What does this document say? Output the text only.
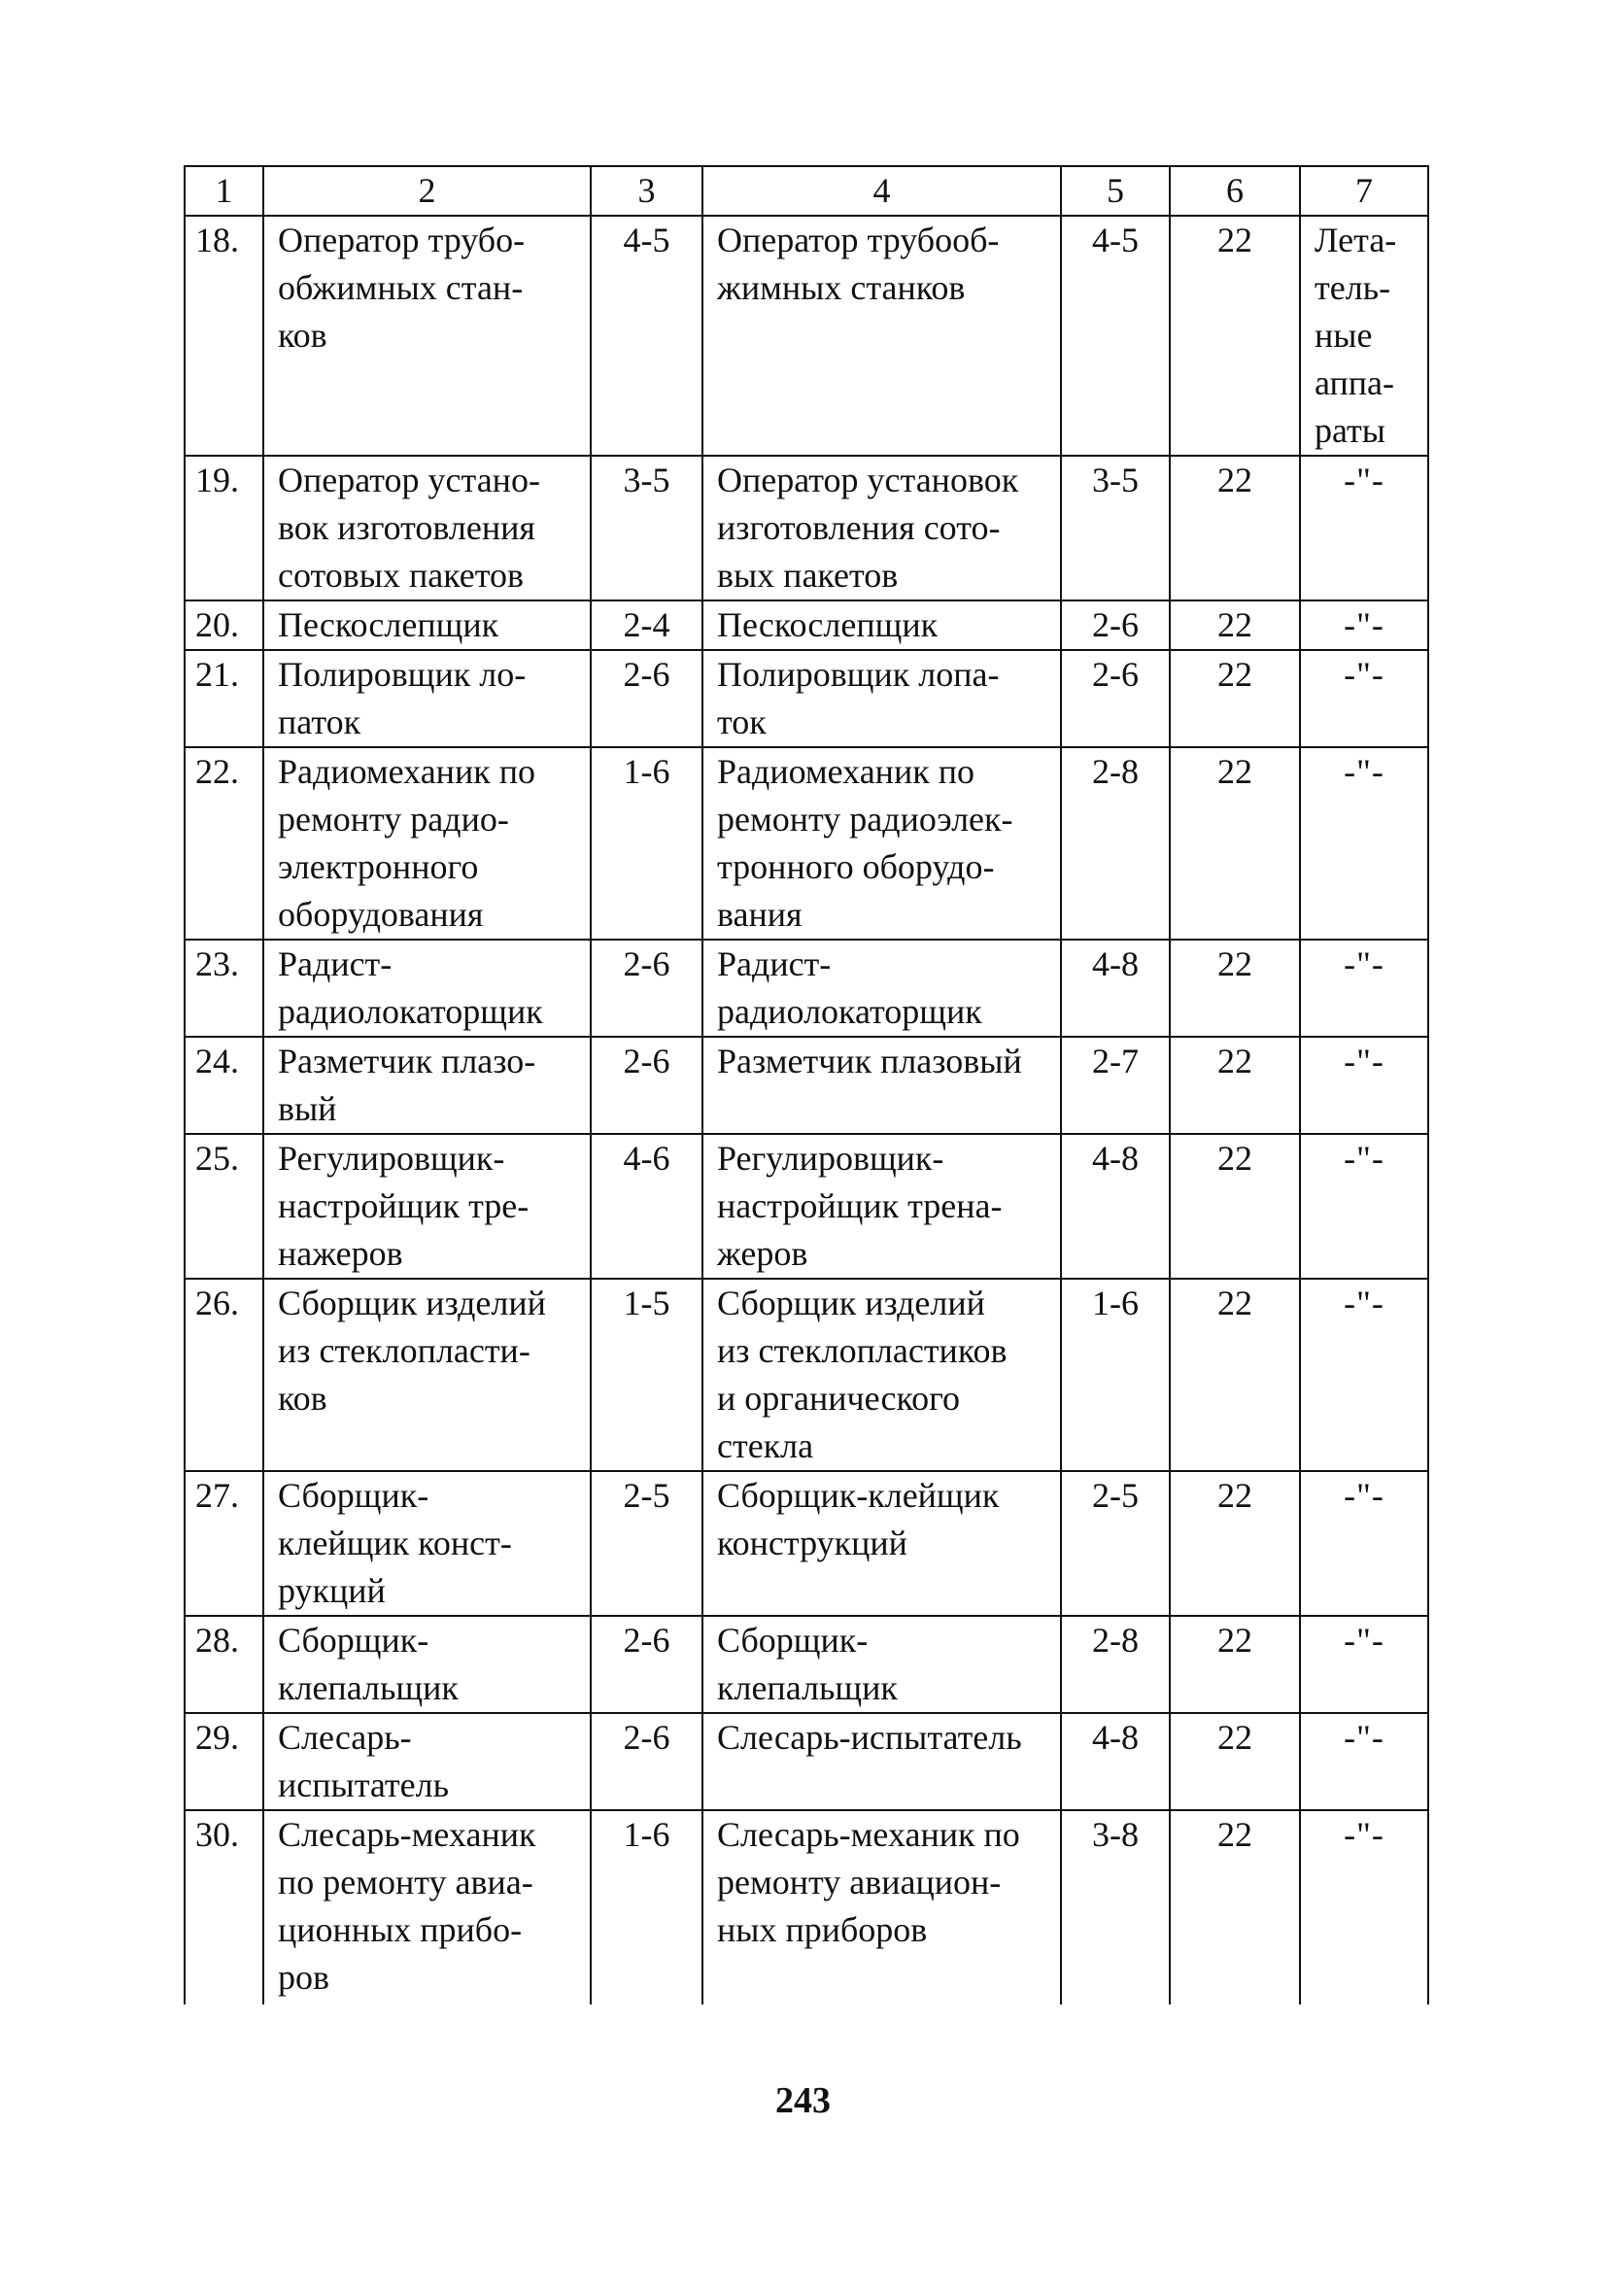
1	2	3	4	5	6	7
18.	Оператор трубо-
обжимных стан-
ков	4-5	Оператор трубооб-
жимных станков	4-5	22	Лета-
тель-
ные
аппа-
раты

19.	Оператор устано-
вок изготовления
сотовых пакетов	3-5	Оператор установок
изготовления сото-
вых пакетов	3-5	22	-"-

20.	Пескослепщик	2-4	Пескослепщик	2-6	22	-"-

21.	Полировщик ло-
паток	2-6	Полировщик лопа-
ток	2-6	22	-"-

22.	Радиомеханик по
ремонту радио-
электронного
оборудования	1-6	Радиомеханик по
ремонту радиоэлек-
тронного оборудо-
вания	2-8	22	-"-

23.	Радист-
радиолокаторщик	2-6	Радист-
радиолокаторщик	4-8	22	-"-

24.	Разметчик плазо-
вый	2-6	Разметчик плазовый	2-7	22	-"-

25.	Регулировщик-
настройщик тре-
нажеров	4-6	Регулировщик-
настройщик трена-
жеров	4-8	22	-"-

26.	Сборщик изделий
из стеклопласти-
ков	1-5	Сборщик изделий
из стеклопластиков
и органического
стекла	1-6	22	-"-

27.	Сборщик-
клейщик конст-
рукций	2-5	Сборщик-клейщик
конструкций	2-5	22	-"-

28.	Сборщик-
клепальщик	2-6	Сборщик-
клепальщик	2-8	22	-"-

29.	Слесарь-
испытатель	2-6	Слесарь-испытатель	4-8	22	-"-

30.	Слесарь-механик
по ремонту авиа-
ционных прибо-
ров	1-6	Слесарь-механик по
ремонту авиацион-
ных приборов	3-8	22	-"-
243
